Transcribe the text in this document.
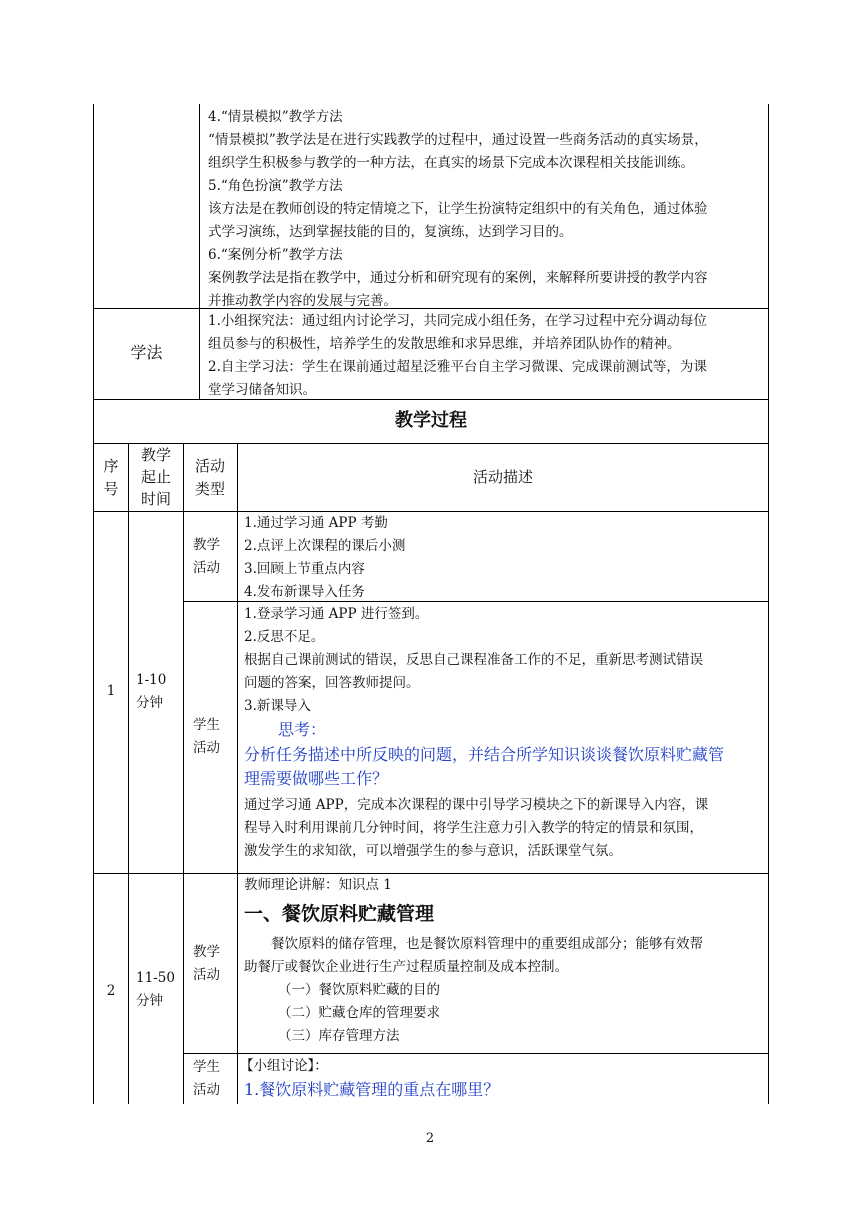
4.“情景模拟”教学方法
“情景模拟”教学法是在进行实践教学的过程中，通过设置一些商务活动的真实场景，
组织学生积极参与教学的一种方法，在真实的场景下完成本次课程相关技能训练。
5.“角色扮演”教学方法
该方法是在教师创设的特定情境之下，让学生扮演特定组织中的有关角色，通过体验
式学习演练，达到掌握技能的目的，复演练，达到学习目的。
6.“案例分析”教学方法
案例教学法是指在教学中，通过分析和研究现有的案例，来解释所要讲授的教学内容
并推动教学内容的发展与完善。
学法
1.小组探究法：通过组内讨论学习，共同完成小组任务，在学习过程中充分调动每位
组员参与的积极性，培养学生的发散思维和求异思维，并培养团队协作的精神。
2.自主学习法：学生在课前通过超星泛雅平台自主学习微课、完成课前测试等，为课
堂学习储备知识。
教学过程
序号
教学起止时间
活动类型
活动描述
1
1-10分钟
教学活动
1.通过学习通 APP 考勤
2.点评上次课程的课后小测
3.回顾上节重点内容
4.发布新课导入任务
学生活动
1.登录学习通 APP 进行签到。
2.反思不足。
根据自己课前测试的错误，反思自己课程准备工作的不足，重新思考测试错误
问题的答案，回答教师提问。
3.新课导入
思考：
分析任务描述中所反映的问题，并结合所学知识谈谈餐饮原料贮藏管
理需要做哪些工作？
通过学习通 APP，完成本次课程的课中引导学习模块之下的新课导入内容，课
程导入时利用课前几分钟时间，将学生注意力引入教学的特定的情景和氛围，
激发学生的求知欲，可以增强学生的参与意识，活跃课堂气氛。
2
11-50分钟
教学活动
教师理论讲解：知识点 1
一、餐饮原料贮藏管理
餐饮原料的储存管理，也是餐饮原料管理中的重要组成部分；能够有效帮
助餐厅或餐饮企业进行生产过程质量控制及成本控制。
（一）餐饮原料贮藏的目的
（二）贮藏仓库的管理要求
（三）库存管理方法
学生活动
【小组讨论】：
1.餐饮原料贮藏管理的重点在哪里？
2
